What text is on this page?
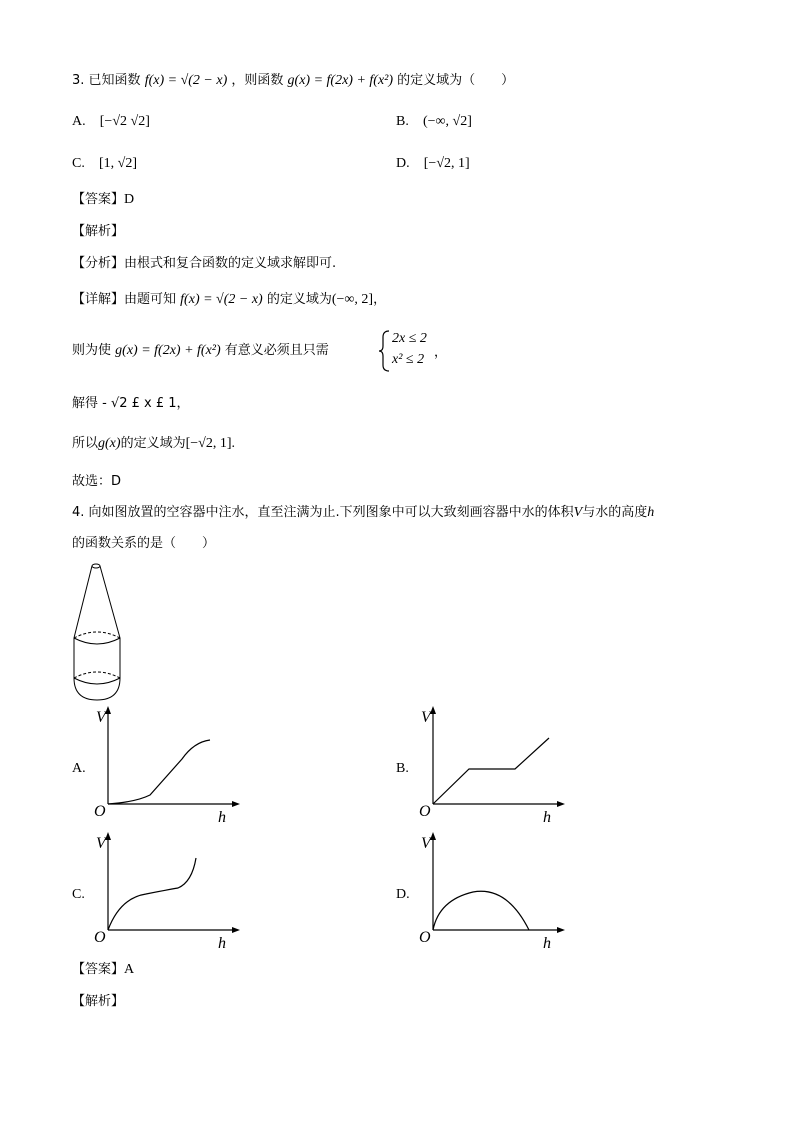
3. 已知函数 f(x) = √(2 − x) ，则函数 g(x) = f(2x) + f(x²) 的定义域为（　　）
A. [−√2 √2]	B. (−∞, √2]
C. [1, √2]	D. [−√2, 1]
【答案】D
【解析】
【分析】由根式和复合函数的定义域求解即可.
【详解】由题可知 f(x) = √(2 − x) 的定义域为(−∞, 2]，
则为使 g(x) = f(2x) + f(x²) 有意义必须且只需
2x ≤ 2
x² ≤ 2 ，
解得 - √2 £ x £ 1，
所以g(x)的定义域为[−√2, 1].
故选：D
4. 向如图放置的空容器中注水，直至注满为止.下列图象中可以大致刻画容器中水的体积V与水的高度h
的函数关系的是（　　）
A.
V
O	h
B.
V
O	h
C.
V
O	h
D.
V
O	h
【答案】A
【解析】
